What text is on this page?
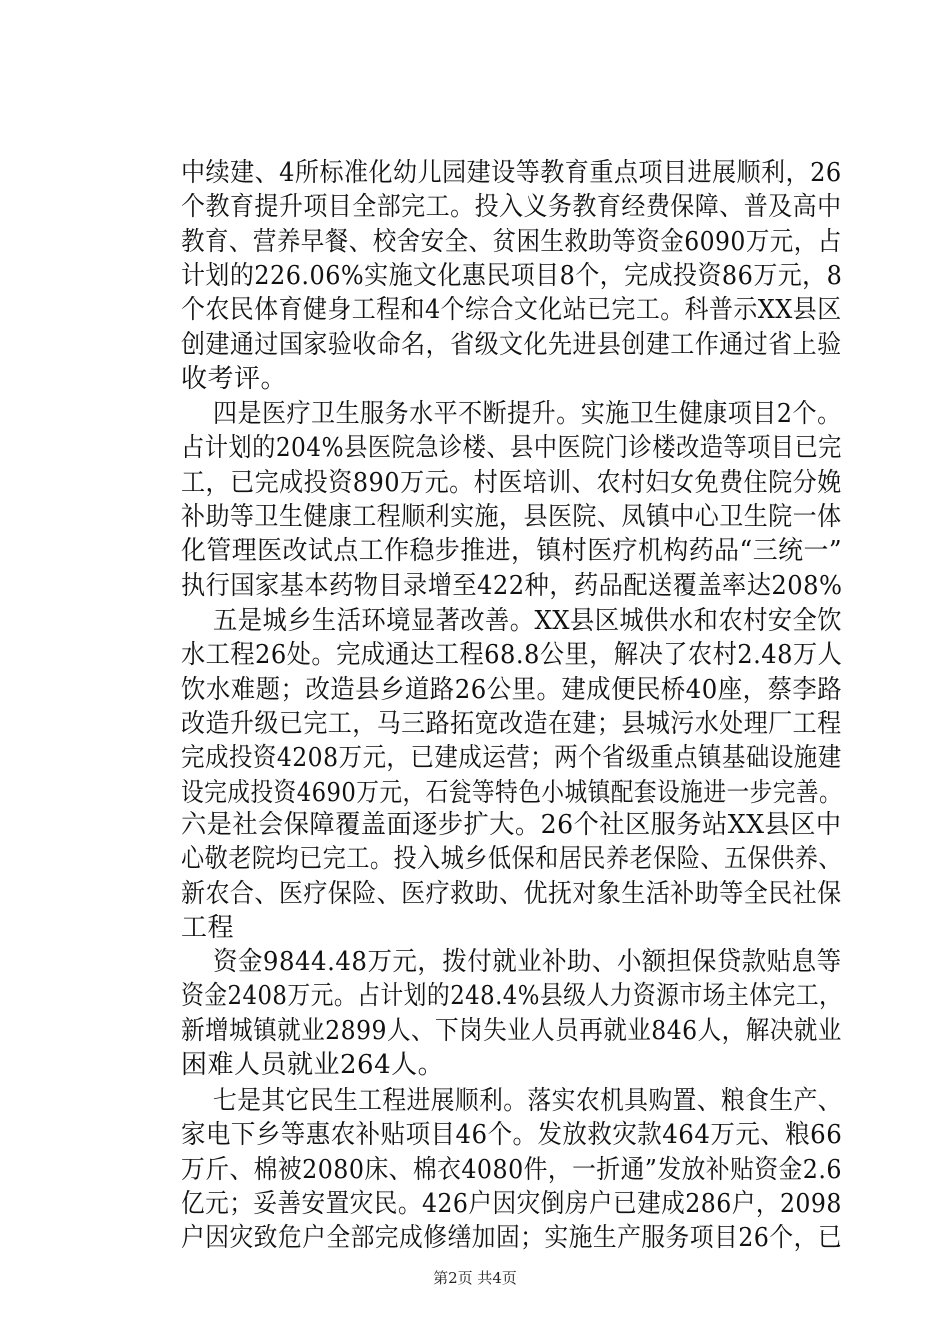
中续建、4所标准化幼儿园建设等教育重点项目进展顺利，26
个教育提升项目全部完工。投入义务教育经费保障、普及高中
教育、营养早餐、校舍安全、贫困生救助等资金6090万元，占
计划的226.06%实施文化惠民项目8个，完成投资86万元，8
个农民体育健身工程和4个综合文化站已完工。科普示XX县区
创建通过国家验收命名，省级文化先进县创建工作通过省上验
收考评。
四是医疗卫生服务水平不断提升。实施卫生健康项目2个。
占计划的204%县医院急诊楼、县中医院门诊楼改造等项目已完
工，已完成投资890万元。村医培训、农村妇女免费住院分娩
补助等卫生健康工程顺利实施，县医院、凤镇中心卫生院一体
化管理医改试点工作稳步推进，镇村医疗机构药品“三统一”
执行国家基本药物目录增至422种，药品配送覆盖率达208%
五是城乡生活环境显著改善。XX县区城供水和农村安全饮
水工程26处。完成通达工程68.8公里，解决了农村2.48万人
饮水难题；改造县乡道路26公里。建成便民桥40座，蔡李路
改造升级已完工，马三路拓宽改造在建；县城污水处理厂工程
完成投资4208万元，已建成运营；两个省级重点镇基础设施建
设完成投资4690万元，石瓮等特色小城镇配套设施进一步完善。
六是社会保障覆盖面逐步扩大。26个社区服务站XX县区中
心敬老院均已完工。投入城乡低保和居民养老保险、五保供养、
新农合、医疗保险、医疗救助、优抚对象生活补助等全民社保
工程
资金9844.48万元，拨付就业补助、小额担保贷款贴息等
资金2408万元。占计划的248.4%县级人力资源市场主体完工，
新增城镇就业2899人、下岗失业人员再就业846人，解决就业
困难人员就业264人。
七是其它民生工程进展顺利。落实农机具购置、粮食生产、
家电下乡等惠农补贴项目46个。发放救灾款464万元、粮66
万斤、棉被2080床、棉衣4080件，一折通”发放补贴资金2.6
亿元；妥善安置灾民。426户因灾倒房户已建成286户，2098
户因灾致危户全部完成修缮加固；实施生产服务项目26个，已
第2页 共4页
